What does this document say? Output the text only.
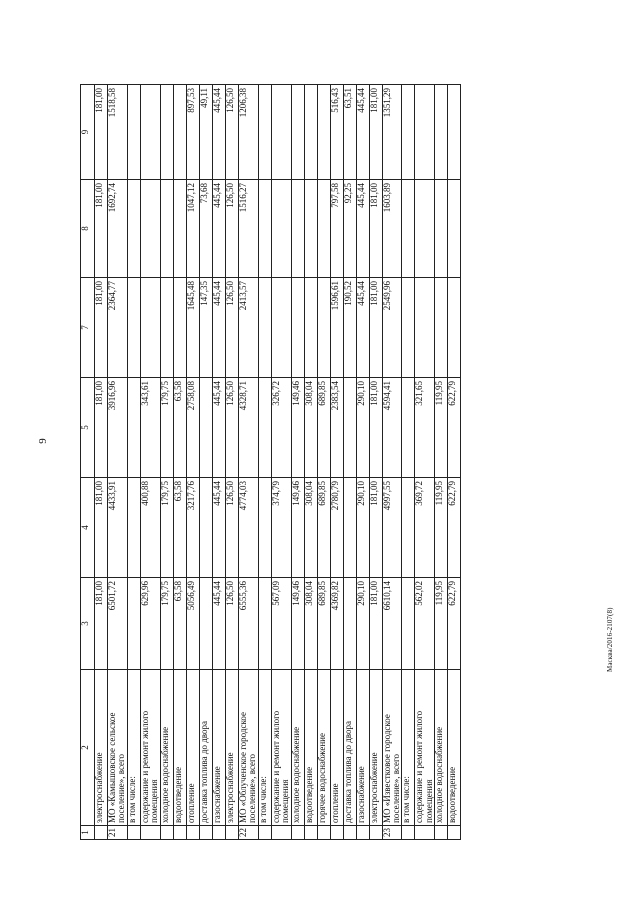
9
Масква/2016-2107(8)
1	2	3	4	5	7	8	9
	электроснабжение	181,00	181,00	181,00	181,00	181,00	181,00
21	МО «Камышовское сельское поселение», всего	6501,72	4433,91	3916,96	2364,77	1692,74	1518,58
	в том числе:						
	содержание и ремонт жилого помещения	629,96	400,88	343,61			
	холодное водоснабжение	179,75	179,75	179,75			
	водоотведение	63,58	63,58	63,58			
	отопление	5056,49	3217,76	2758,08	1645,48	1047,12	897,53
	доставка топлива до двора				147,35	73,68	49,11
	газоснабжение	445,44	445,44	445,44	445,44	445,44	445,44
	электроснабжение	126,50	126,50	126,50	126,50	126,50	126,50
22	МО «Облученское городское поселение», всего	6555,36	4774,03	4328,71	2413,57	1516,27	1206,38
	в том числе:						
	содержание и ремонт жилого помещения	567,09	374,79	326,72			
	холодное водоснабжение	149,46	149,46	149,46			
	водоотведение	308,04	308,04	308,04			
	горячее водоснабжение	689,85	689,85	689,85			
	отопление	4369,82	2780,79	2383,54	1596,61	797,58	516,43
	доставка топлива до двора				190,52	92,25	63,51
	газоснабжение	290,10	290,10	290,10	445,44	445,44	445,44
	электроснабжение	181,00	181,00	181,00	181,00	181,00	181,00
23	МО «Известковое городское поселение», всего	6610,14	4997,55	4594,41	2549,96	1603,89	1351,29
	в том числе:						
	содержание и ремонт жилого помещения	562,02	369,72	321,65			
	холодное водоснабжение	119,95	119,95	119,95			
	водоотведение	622,79	622,79	622,79			
